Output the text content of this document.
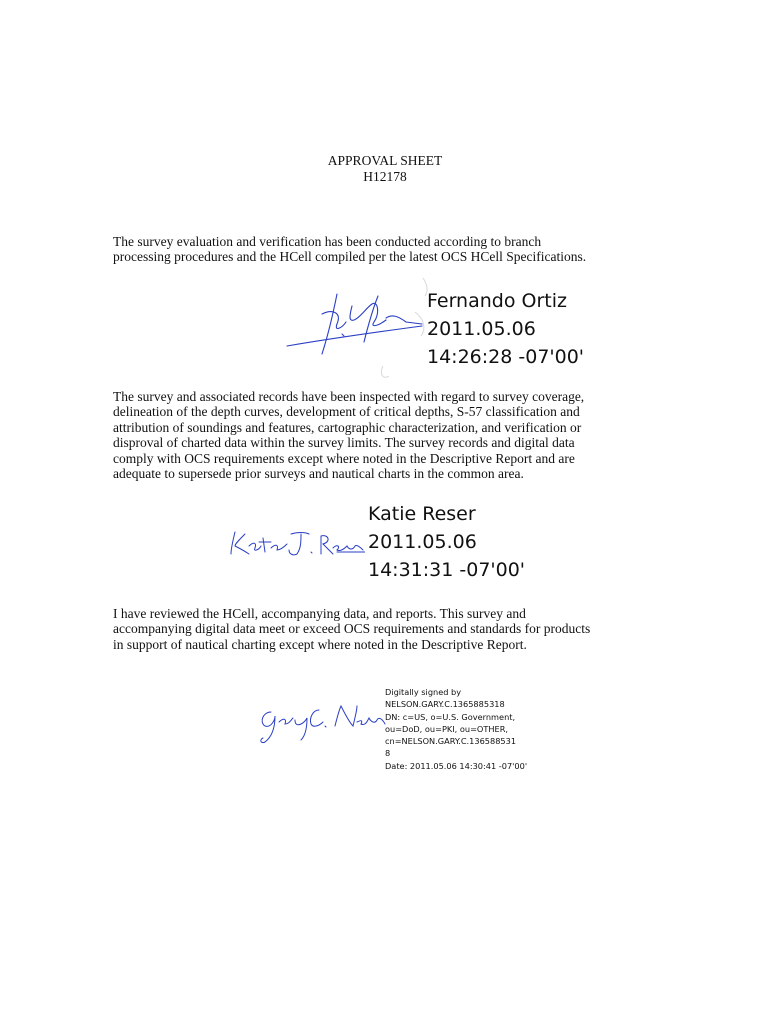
APPROVAL SHEET
H12178
The survey evaluation and verification has been conducted according to branch
processing procedures and the HCell compiled per the latest OCS HCell Specifications.
Fernando Ortiz
2011.05.06
14:26:28 -07'00'
The survey and associated records have been inspected with regard to survey coverage,
delineation of the depth curves, development of critical depths, S-57 classification and
attribution of soundings and features, cartographic characterization, and verification or
disproval of charted data within the survey limits. The survey records and digital data
comply with OCS requirements except where noted in the Descriptive Report and are
adequate to supersede prior surveys and nautical charts in the common area.
Katie Reser
2011.05.06
14:31:31 -07'00'
I have reviewed the HCell, accompanying data, and reports. This survey and
accompanying digital data meet or exceed OCS requirements and standards for products
in support of nautical charting except where noted in the Descriptive Report.
Digitally signed by
NELSON.GARY.C.1365885318
DN: c=US, o=U.S. Government,
ou=DoD, ou=PKI, ou=OTHER,
cn=NELSON.GARY.C.136588531
8
Date: 2011.05.06 14:30:41 -07'00'
